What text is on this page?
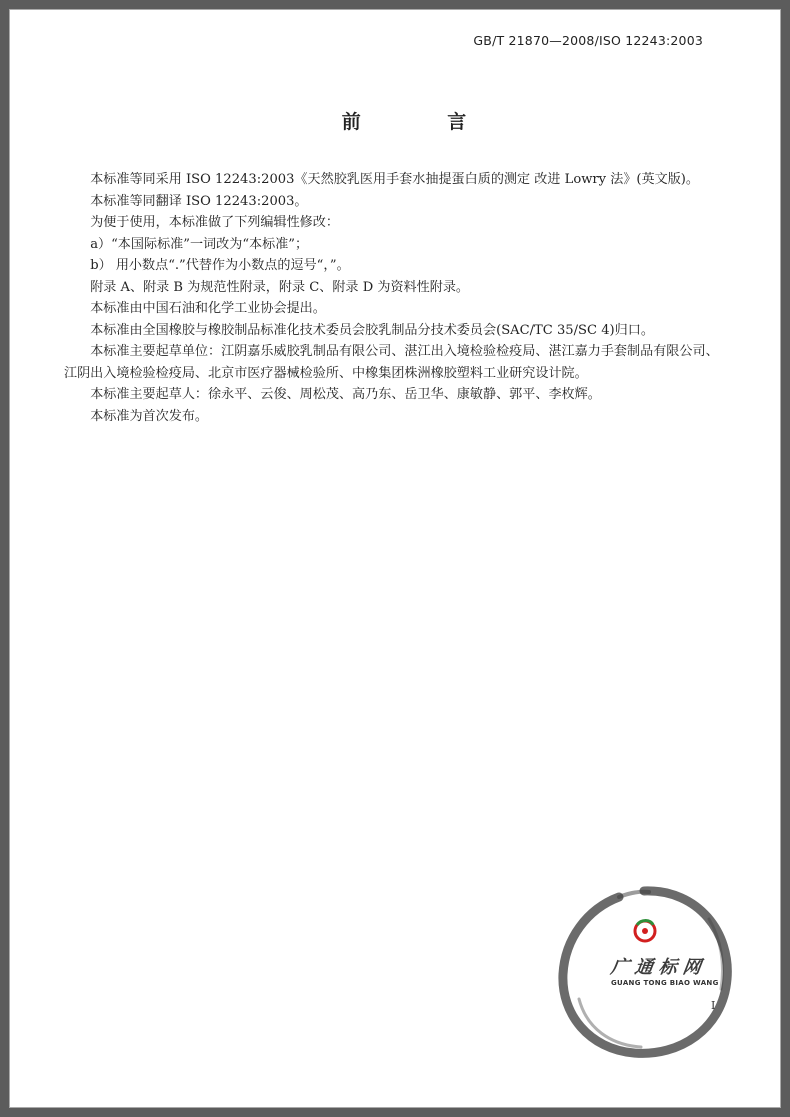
GB/T 21870—2008/ISO 12243:2003
前 言

本标准等同采用 ISO 12243:2003《天然胶乳医用手套水抽提蛋白质的测定 改进 Lowry 法》(英文版)。

本标准等同翻译 ISO 12243:2003。

为便于使用，本标准做了下列编辑性修改：

a）“本国际标准”一词改为“本标准”；

b） 用小数点“.”代替作为小数点的逗号“，”。

附录 A、附录 B 为规范性附录，附录 C、附录 D 为资料性附录。

本标准由中国石油和化学工业协会提出。

本标准由全国橡胶与橡胶制品标准化技术委员会胶乳制品分技术委员会(SAC/TC 35/SC 4)归口。

本标准主要起草单位：江阴嘉乐威胶乳制品有限公司、湛江出入境检验检疫局、湛江嘉力手套制品有限公司、江阴出入境检验检疫局、北京市医疗器械检验所、中橡集团株洲橡胶塑料工业研究设计院。

本标准主要起草人：徐永平、云俊、周松茂、高乃东、岳卫华、康敏静、郭平、李枚辉。

本标准为首次发布。

I
广通标网
GUANG TONG BIAO WANG
